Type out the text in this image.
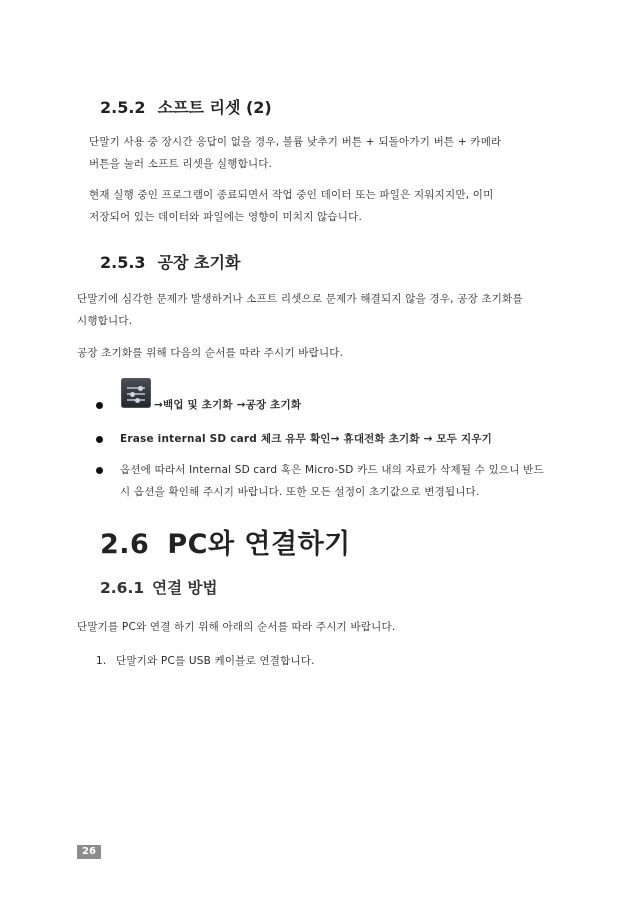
2.5.2 소프트 리셋 (2)
단말기 사용 중 장시간 응답이 없을 경우, 볼륨 낮추기 버튼 + 되돌아가기 버튼 + 카메라
버튼을 눌러 소프트 리셋을 실행합니다.
현재 실행 중인 프로그램이 종료되면서 작업 중인 데이터 또는 파일은 지워지지만, 이미
저장되어 있는 데이터와 파일에는 영향이 미치지 않습니다.
2.5.3 공장 초기화
단말기에 심각한 문제가 발생하거나 소프트 리셋으로 문제가 해결되지 않을 경우, 공장 초기화를
시행합니다.
공장 초기화를 위해 다음의 순서를 따라 주시기 바랍니다.
→백업 및 초기화 →공장 초기화
Erase internal SD card 체크 유무 확인→ 휴대전화 초기화 → 모두 지우기
옵션에 따라서 Internal SD card 혹은 Micro-SD 카드 내의 자료가 삭제될 수 있으니 반드
시 옵션을 확인해 주시기 바랍니다. 또한 모든 설정이 초기값으로 변경됩니다.
2.6 PC와 연결하기
2.6.1 연결 방법
단말기를 PC와 연결 하기 위해 아래의 순서를 따라 주시기 바랍니다.
1. 단말기와 PC를 USB 케이블로 연결합니다.
26
